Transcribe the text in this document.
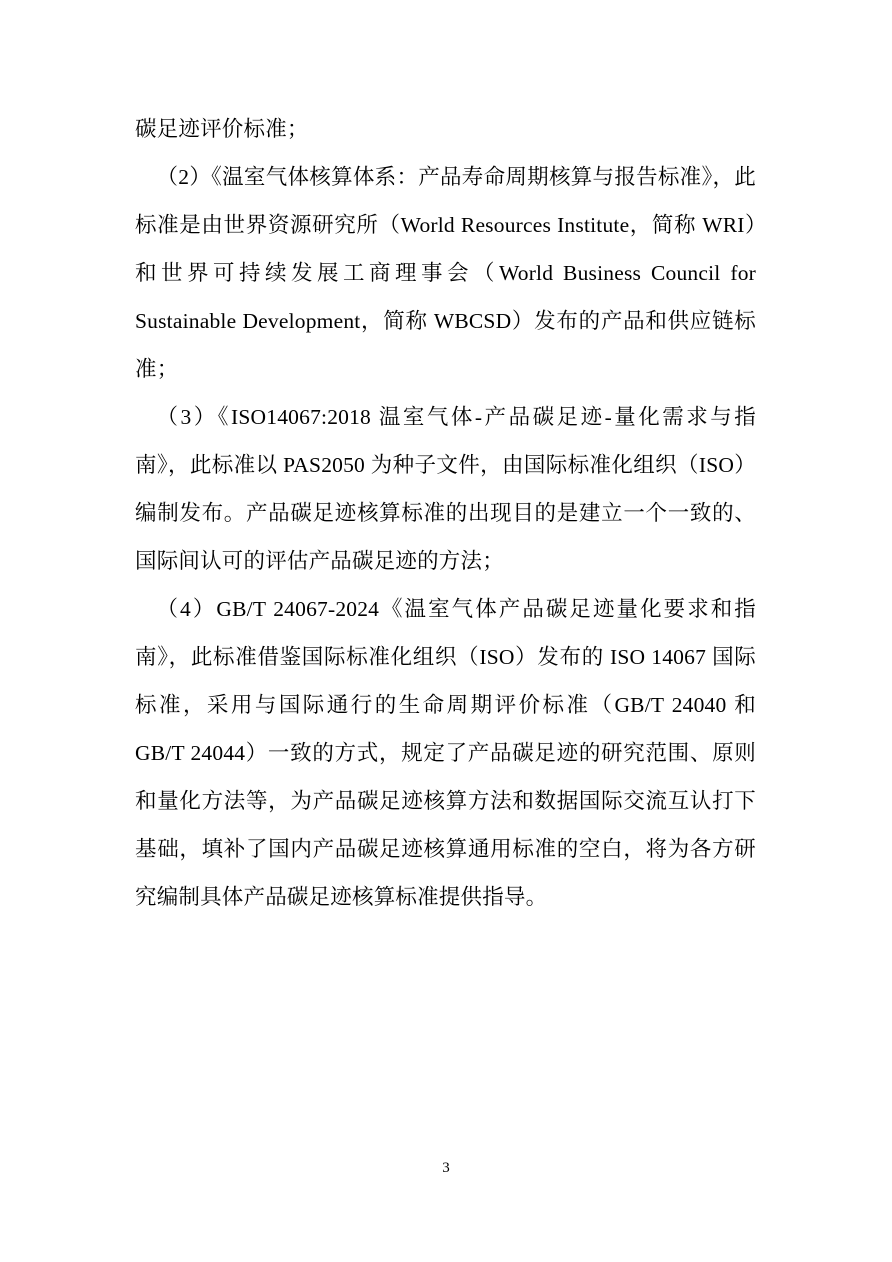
碳足迹评价标准；

（2）《温室气体核算体系：产品寿命周期核算与报告标准》，此标准是由世界资源研究所（World Resources Institute，简称 WRI）和世界可持续发展工商理事会（World Business Council for Sustainable Development，简称 WBCSD）发布的产品和供应链标准；

（3）《ISO14067:2018 温室气体-产品碳足迹-量化需求与指南》，此标准以 PAS2050 为种子文件，由国际标准化组织（ISO）编制发布。产品碳足迹核算标准的出现目的是建立一个一致的、国际间认可的评估产品碳足迹的方法；

（4）GB/T 24067-2024《温室气体产品碳足迹量化要求和指南》，此标准借鉴国际标准化组织（ISO）发布的 ISO 14067 国际标准，采用与国际通行的生命周期评价标准（GB/T 24040 和 GB/T 24044）一致的方式，规定了产品碳足迹的研究范围、原则和量化方法等，为产品碳足迹核算方法和数据国际交流互认打下基础，填补了国内产品碳足迹核算通用标准的空白，将为各方研究编制具体产品碳足迹核算标准提供指导。

3
